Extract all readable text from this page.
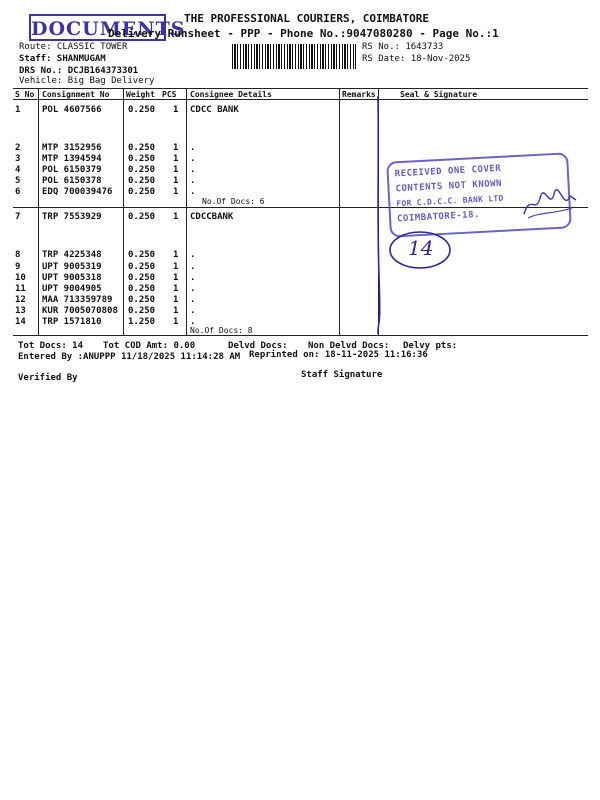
DOCUMENTS
THE PROFESSIONAL COURIERS, COIMBATORE
Delivery Runsheet - PPP - Phone No.:9047080280 - Page No.:1
Route: CLASSIC TOWER
Staff: SHANMUGAM
DRS No.: DCJB164373301
Vehicle: Big Bag Delivery
RS No.: 1643733
RS Date: 18-Nov-2025
S No Consignment No Weight PCS Consignee Details	Remarks	Seal & Signature
1 POL 4607566	0.250 1 CDCC BANK
2 MTP 3152956	0.250 1 .
3 MTP 1394594	0.250 1 .
4 POL 6150379	0.250 1 .
5 POL 6150378	0.250 1 .
6 EDQ 700039476 0.250 1 .
No.Of Docs: 6
7 TRP 7553929	0.250 1 CDCCBANK
8 TRP 4225348	0.250 1 .
9 UPT 9005319	0.250 1 .
10 UPT 9005318	0.250 1 .
11 UPT 9004905	0.250 1 .
12 MAA 713359789 0.250 1 .
13 KUR 7005070808 0.250 1 .
14 TRP 1571810	1.250 1 .
No.Of Docs: 8
RECEIVED ONE COVER
CONTENTS NOT KNOWN
FOR C.D.C.C. BANK LTD
COIMBATORE-18.
14
Tot Docs: 14 Tot COD Amt: 0.00	Delvd Docs: Non Delvd Docs: Delvy pts:
Entered By :ANUPPP 11/18/2025 11:14:28 AM Reprinted on: 18-11-2025 11:16:36
Verified By	Staff Signature
